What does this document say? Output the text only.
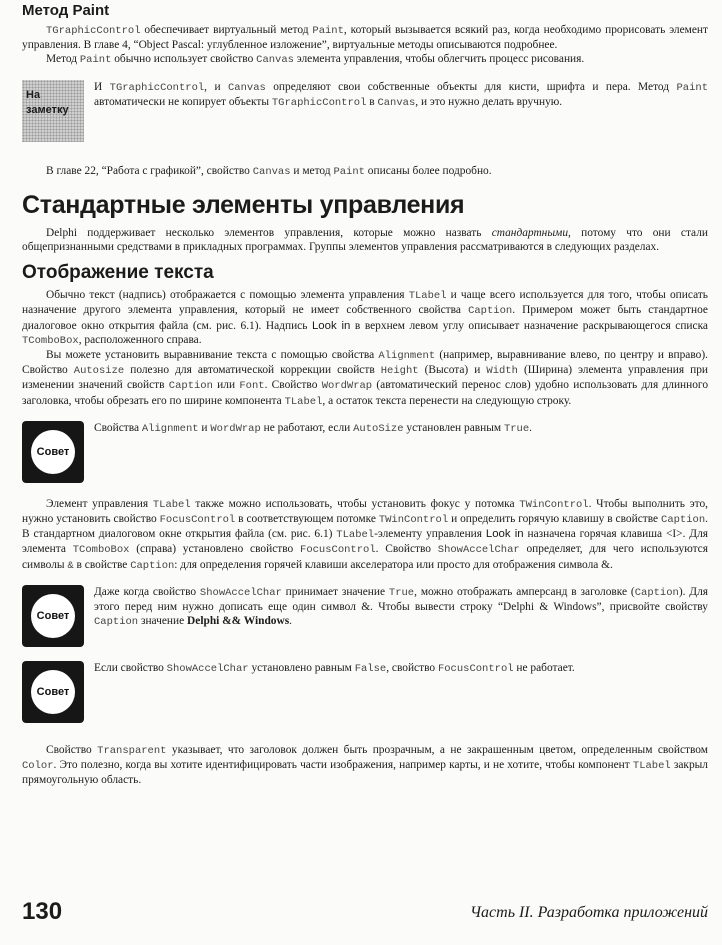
Метод Paint

TGraphicControl обеспечивает виртуальный метод Paint, который вызывается всякий раз, когда необходимо прорисовать элемент управления. В главе 4, “Object Pascal: углубленное изложение”, виртуальные методы описываются подробнее.

Метод Paint обычно использует свойство Canvas элемента управления, чтобы облегчить процесс рисования.

На
заметку

И TGraphicControl, и Canvas определяют свои собственные объекты для кисти, шрифта и пера. Метод Paint автоматически не копирует объекты TGraphicControl в Canvas, и это нужно делать вручную.

В главе 22, “Работа с графикой”, свойство Canvas и метод Paint описаны более подробно.

Стандартные элементы управления

Delphi поддерживает несколько элементов управления, которые можно назвать стандартными, потому что они стали общепризнанными средствами в прикладных программах. Группы элементов управления рассматриваются в следующих разделах.

Отображение текста

Обычно текст (надпись) отображается с помощью элемента управления TLabel и чаще всего используется для того, чтобы описать назначение другого элемента управления, который не имеет собственного свойства Caption. Примером может быть стандартное диалоговое окно открытия файла (см. рис. 6.1). Надпись Look in в верхнем левом углу описывает назначение раскрывающегося списка TComboBox, расположенного справа.

Вы можете установить выравнивание текста с помощью свойства Alignment (например, выравнивание влево, по центру и вправо). Свойство Autosize полезно для автоматической коррекции свойств Height (Высота) и Width (Ширина) элемента управления при изменении значений свойств Caption или Font. Свойство WordWrap (автоматический перенос слов) удобно использовать для длинного заголовка, чтобы обрезать его по ширине компонента TLabel, а остаток текста перенести на следующую строку.

Совет

Свойства Alignment и WordWrap не работают, если AutoSize установлен равным True.

Элемент управления TLabel также можно использовать, чтобы установить фокус у потомка TWinControl. Чтобы выполнить это, нужно установить свойство FocusControl в соответствующем потомке TWinControl и определить горячую клавишу в свойстве Caption. В стандартном диалоговом окне открытия файла (см. рис. 6.1) TLabel-элементу управления Look in назначена горячая клавиша <I>. Для элемента TComboBox (справа) установлено свойство FocusControl. Свойство ShowAccelChar определяет, для чего используются символы & в свойстве Caption: для определения горячей клавиши акселератора или просто для отображения символа &.

Совет

Даже когда свойство ShowAccelChar принимает значение True, можно отображать амперсанд в заголовке (Caption). Для этого перед ним нужно дописать еще один символ &. Чтобы вывести строку “Delphi & Windows”, присвойте свойству Caption значение Delphi && Windows.

Совет

Если свойство ShowAccelChar установлено равным False, свойство FocusControl не работает.

Свойство Transparent указывает, что заголовок должен быть прозрачным, а не закрашенным цветом, определенным свойством Color. Это полезно, когда вы хотите идентифицировать части изображения, например карты, и не хотите, чтобы компонент TLabel закрыл прямоугольную область.

130	Часть II. Разработка приложений
